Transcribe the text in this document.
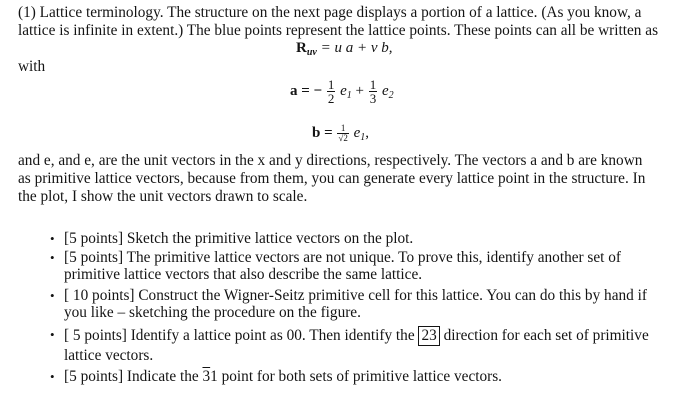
(1) Lattice terminology. The structure on the next page displays a portion of a lattice. (As you know, a
lattice is infinite in extent.) The blue points represent the lattice points. These points can all be written as
$R_{uv} = u$ a + v b,
with
a = − $\frac{1}{2} e_1 + \frac{1}{3} e_2$
$b = \frac{1}{√2} e_1$,
and e, and e, are the unit vectors in the x and y directions, respectively. The vectors a and b are known
as primitive lattice vectors, because from them, you can generate every lattice point in the structure. In
the plot, I show the unit vectors drawn to scale.
• [5 points] Sketch the primitive lattice vectors on the plot.
• [5 points] The primitive lattice vectors are not unique. To prove this, identify another set of
primitive lattice vectors that also describe the same lattice.
• [ 10 points] Construct the Wigner-Seitz primitive cell for this lattice. You can do this by hand if
you like – sketching the procedure on the figure.
• [ 5 points] Identify a lattice point as 00. Then identify the 23 direction for each set of primitive
lattice vectors.
• [5 points] Indicate the 31 point for both sets of primitive lattice vectors.
